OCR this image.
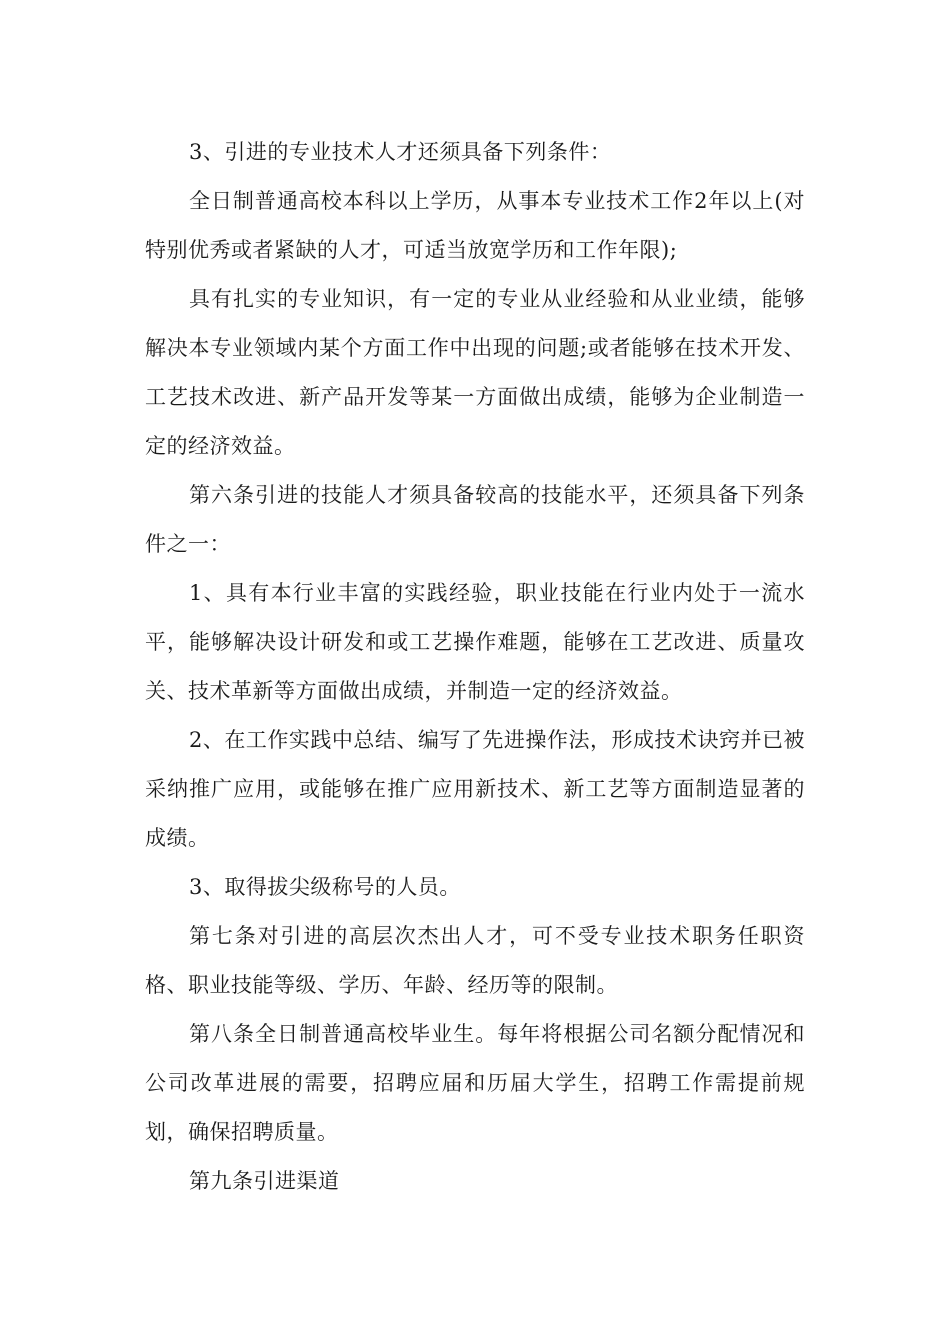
3、引进的专业技术人才还须具备下列条件：

全日制普通高校本科以上学历，从事本专业技术工作2年以上(对特别优秀或者紧缺的人才，可适当放宽学历和工作年限);

具有扎实的专业知识，有一定的专业从业经验和从业业绩，能够解决本专业领域内某个方面工作中出现的问题;或者能够在技术开发、工艺技术改进、新产品开发等某一方面做出成绩，能够为企业制造一定的经济效益。

第六条引进的技能人才须具备较高的技能水平，还须具备下列条件之一：

1、具有本行业丰富的实践经验，职业技能在行业内处于一流水平，能够解决设计研发和或工艺操作难题，能够在工艺改进、质量攻关、技术革新等方面做出成绩，并制造一定的经济效益。

2、在工作实践中总结、编写了先进操作法，形成技术诀窍并已被采纳推广应用，或能够在推广应用新技术、新工艺等方面制造显著的成绩。

3、取得拔尖级称号的人员。

第七条对引进的高层次杰出人才，可不受专业技术职务任职资格、职业技能等级、学历、年龄、经历等的限制。

第八条全日制普通高校毕业生。每年将根据公司名额分配情况和公司改革进展的需要，招聘应届和历届大学生，招聘工作需提前规划，确保招聘质量。

第九条引进渠道
